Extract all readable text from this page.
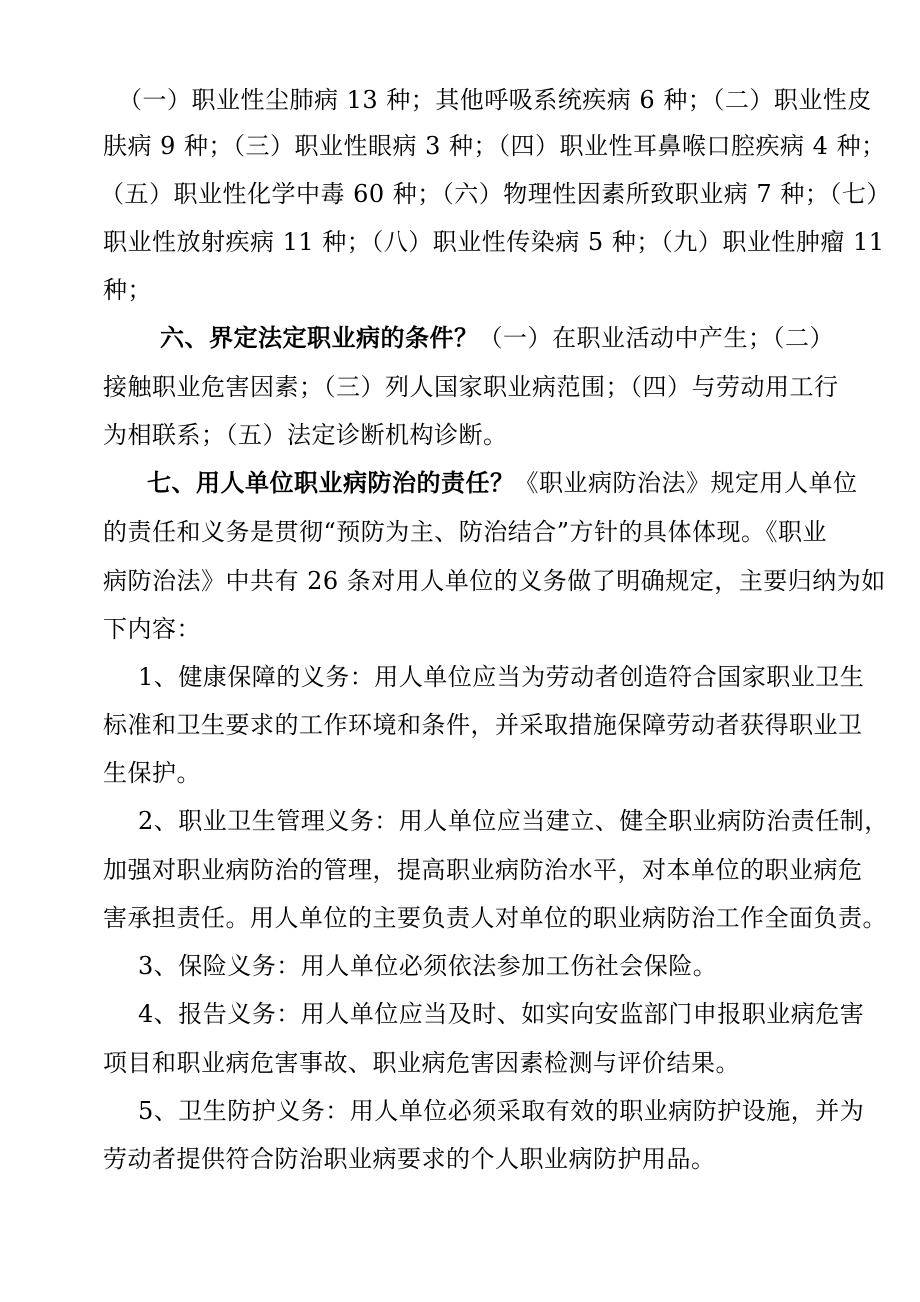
（一）职业性尘肺病 13 种；其他呼吸系统疾病 6 种；（二）职业性皮
肤病 9 种；（三）职业性眼病 3 种；（四）职业性耳鼻喉口腔疾病 4 种；
（五）职业性化学中毒 60 种；（六）物理性因素所致职业病 7 种；（七）
职业性放射疾病 11 种；（八）职业性传染病 5 种；（九）职业性肿瘤 11
种；
六、界定法定职业病的条件？（一）在职业活动中产生；（二）
接触职业危害因素；（三）列人国家职业病范围；（四）与劳动用工行
为相联系；（五）法定诊断机构诊断。
七、用人单位职业病防治的责任？《职业病防治法》规定用人单位
的责任和义务是贯彻“预防为主、防治结合”方针的具体体现。《职业
病防治法》中共有 26 条对用人单位的义务做了明确规定，主要归纳为如
下内容：
1、健康保障的义务：用人单位应当为劳动者创造符合国家职业卫生
标准和卫生要求的工作环境和条件，并采取措施保障劳动者获得职业卫
生保护。
2、职业卫生管理义务：用人单位应当建立、健全职业病防治责任制，
加强对职业病防治的管理，提高职业病防治水平，对本单位的职业病危
害承担责任。用人单位的主要负责人对单位的职业病防治工作全面负责。
3、保险义务：用人单位必须依法参加工伤社会保险。
4、报告义务：用人单位应当及时、如实向安监部门申报职业病危害
项目和职业病危害事故、职业病危害因素检测与评价结果。
5、卫生防护义务：用人单位必须采取有效的职业病防护设施，并为
劳动者提供符合防治职业病要求的个人职业病防护用品。
